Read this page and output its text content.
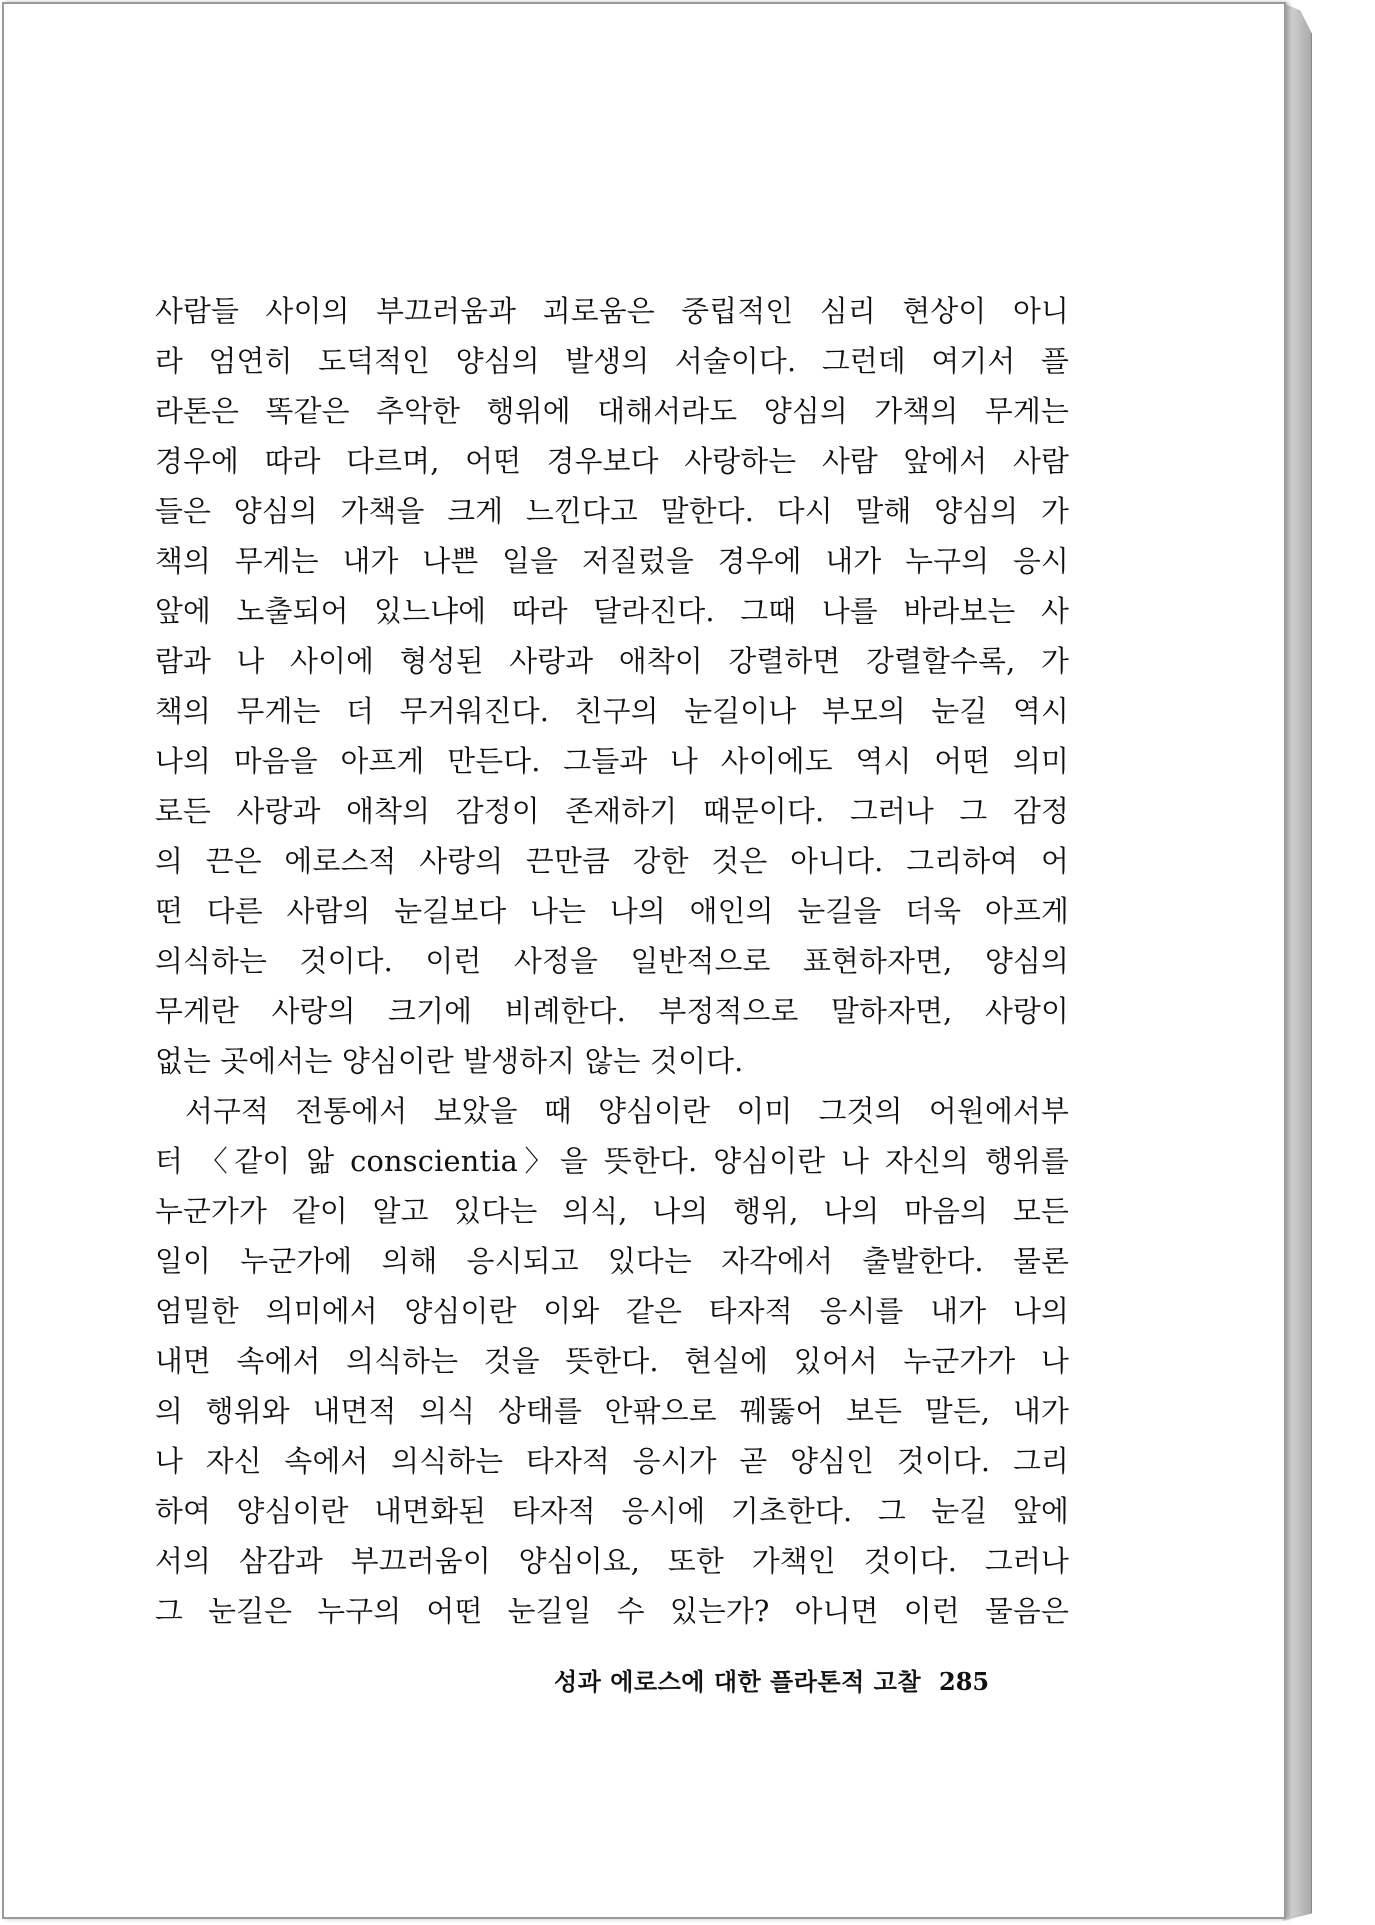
사람들 사이의 부끄러움과 괴로움은 중립적인 심리 현상이 아니
라 엄연히 도덕적인 양심의 발생의 서술이다. 그런데 여기서 플
라톤은 똑같은 추악한 행위에 대해서라도 양심의 가책의 무게는
경우에 따라 다르며, 어떤 경우보다 사랑하는 사람 앞에서 사람
들은 양심의 가책을 크게 느낀다고 말한다. 다시 말해 양심의 가
책의 무게는 내가 나쁜 일을 저질렀을 경우에 내가 누구의 응시
앞에 노출되어 있느냐에 따라 달라진다. 그때 나를 바라보는 사
람과 나 사이에 형성된 사랑과 애착이 강렬하면 강렬할수록, 가
책의 무게는 더 무거워진다. 친구의 눈길이나 부모의 눈길 역시
나의 마음을 아프게 만든다. 그들과 나 사이에도 역시 어떤 의미
로든 사랑과 애착의 감정이 존재하기 때문이다. 그러나 그 감정
의 끈은 에로스적 사랑의 끈만큼 강한 것은 아니다. 그리하여 어
떤 다른 사람의 눈길보다 나는 나의 애인의 눈길을 더욱 아프게
의식하는 것이다. 이런 사정을 일반적으로 표현하자면, 양심의
무게란 사랑의 크기에 비례한다. 부정적으로 말하자면, 사랑이
없는 곳에서는 양심이란 발생하지 않는 것이다.
서구적 전통에서 보았을 때 양심이란 이미 그것의 어원에서부
터 〈같이 앎 conscientia〉을 뜻한다. 양심이란 나 자신의 행위를
누군가가 같이 알고 있다는 의식, 나의 행위, 나의 마음의 모든
일이 누군가에 의해 응시되고 있다는 자각에서 출발한다. 물론
엄밀한 의미에서 양심이란 이와 같은 타자적 응시를 내가 나의
내면 속에서 의식하는 것을 뜻한다. 현실에 있어서 누군가가 나
의 행위와 내면적 의식 상태를 안팎으로 꿰뚫어 보든 말든, 내가
나 자신 속에서 의식하는 타자적 응시가 곧 양심인 것이다. 그리
하여 양심이란 내면화된 타자적 응시에 기초한다. 그 눈길 앞에
서의 삼감과 부끄러움이 양심이요, 또한 가책인 것이다. 그러나
그 눈길은 누구의 어떤 눈길일 수 있는가? 아니면 이런 물음은
성과 에로스에 대한 플라톤적 고찰 285
